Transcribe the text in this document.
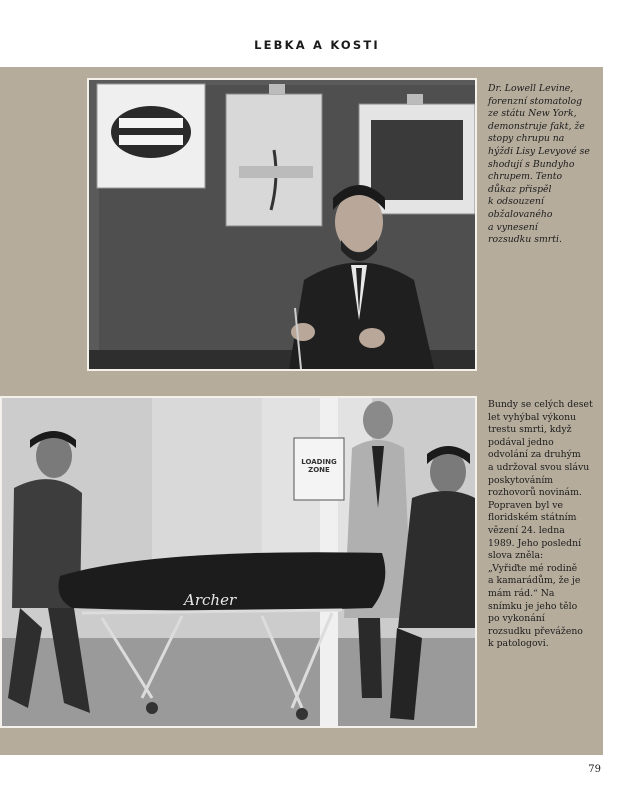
LEBKA A KOSTI
Dr. Lowell Levine,
forenzní stomatolog
ze státu New York,
demonstruje fakt, že
stopy chrupu na
hýždi Lisy Levyové se
shodují s Bundyho
chrupem. Tento
důkaz přispěl
k odsouzení
obžalovaného
a vynesení
rozsudku smrti.
Archer
LOADING
ZONE
Bundy se celých deset
let vyhýbal výkonu
trestu smrti, když
podával jedno
odvolání za druhým
a udržoval svou slávu
poskytováním
rozhovorů novinám.
Popraven byl ve
floridském státním
vězení 24. ledna
1989. Jeho poslední
slova zněla:
„Vyřiďte mé rodině
a kamarádům, že je
mám rád.“ Na
snímku je jeho tělo
po vykonání
rozsudku převáženo
k patologovi.
79
